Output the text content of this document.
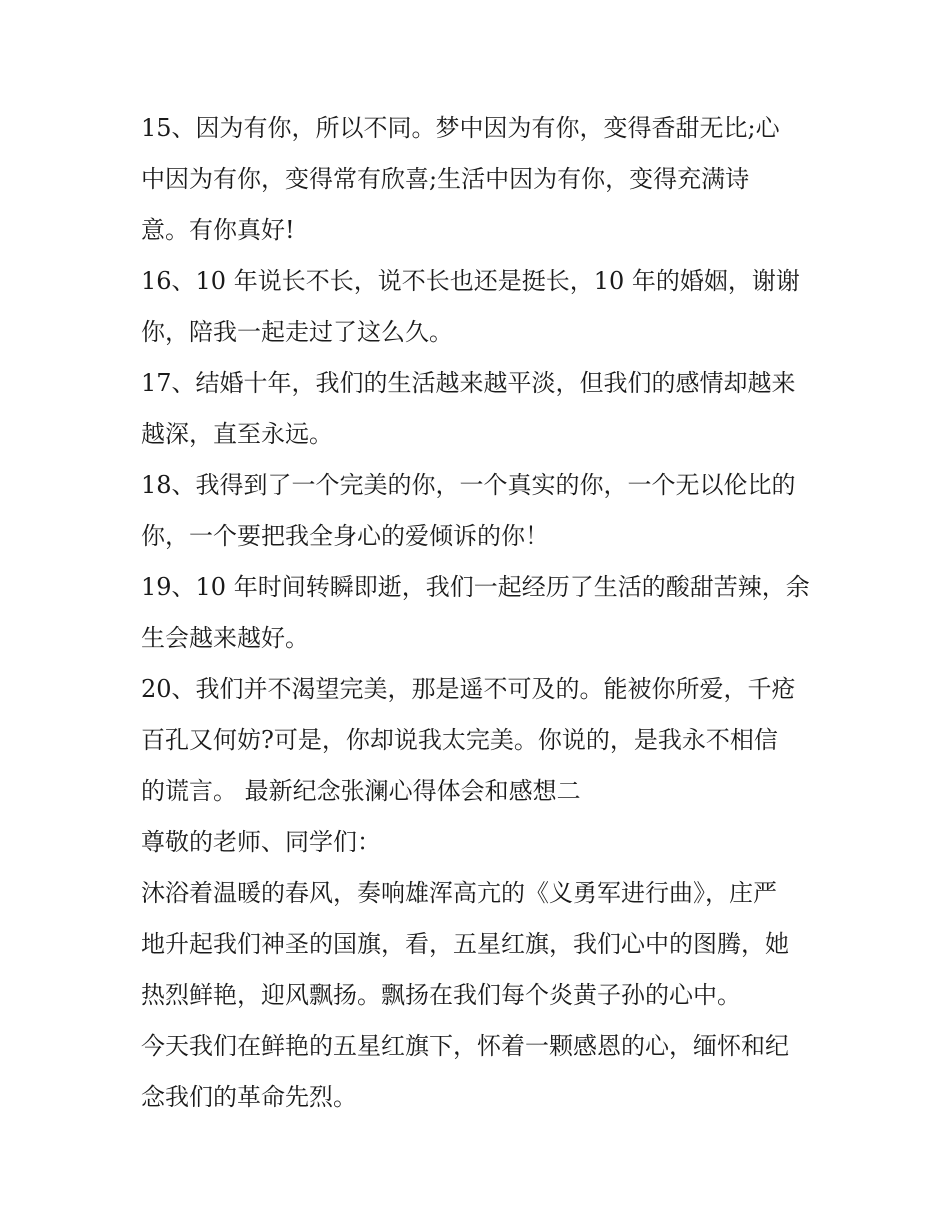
15、因为有你，所以不同。梦中因为有你，变得香甜无比;心
中因为有你，变得常有欣喜;生活中因为有你，变得充满诗
意。有你真好!
16、10 年说长不长，说不长也还是挺长，10 年的婚姻，谢谢
你，陪我一起走过了这么久。
17、结婚十年，我们的生活越来越平淡，但我们的感情却越来
越深，直至永远。
18、我得到了一个完美的你，一个真实的你，一个无以伦比的
你，一个要把我全身心的爱倾诉的你！
19、10 年时间转瞬即逝，我们一起经历了生活的酸甜苦辣，余
生会越来越好。
20、我们并不渴望完美，那是遥不可及的。能被你所爱，千疮
百孔又何妨?可是，你却说我太完美。你说的，是我永不相信
的谎言。 最新纪念张澜心得体会和感想二
尊敬的老师、同学们：
沐浴着温暖的春风，奏响雄浑高亢的《义勇军进行曲》，庄严
地升起我们神圣的国旗，看，五星红旗，我们心中的图腾，她
热烈鲜艳，迎风飘扬。飘扬在我们每个炎黄子孙的心中。
今天我们在鲜艳的五星红旗下，怀着一颗感恩的心，缅怀和纪
念我们的革命先烈。
